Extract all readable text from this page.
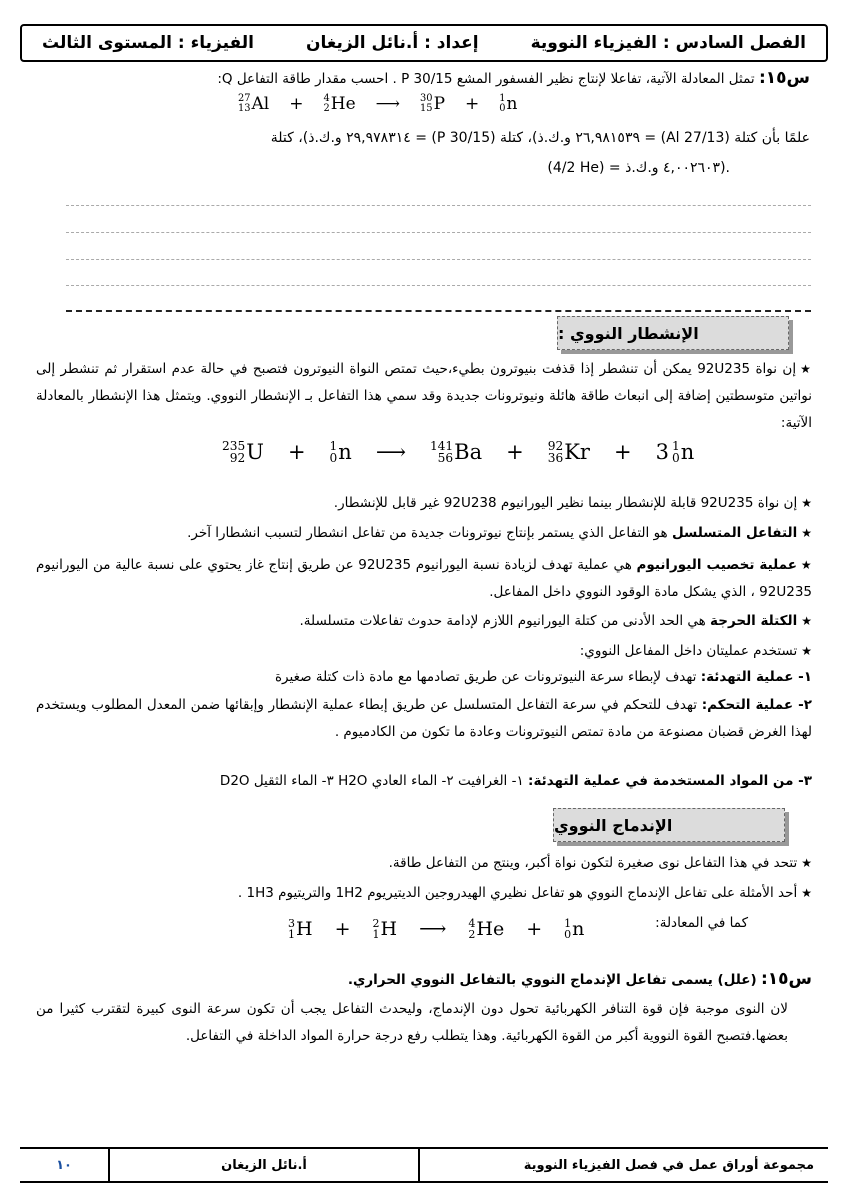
الفصل السادس : الفيزياء النووية
إعداد : أ.نائل الزيغان
الفيزياء : المستوى الثالث
س١٥: تمثل المعادلة الآتية، تفاعلا لإنتاج نظير الفسفور المشع P 30/15 . احسب مقدار طاقة التفاعل Q:
27
13 Al + 4
2 He ⟶ 30
15 P + 1
0 n
علمًا بأن كتلة (27/13 Al) = ٢٦,٩٨١٥٣٩ و.ك.ذ)، كتلة (30/15 P) = ٢٩,٩٧٨٣١٤ و.ك.ذ)، كتلة
(4/2 He) = ٤,٠٠٢٦٠٣ و.ك.ذ).
الإنشطار النووي :
★إن نواة 92U235 يمكن أن تنشطر إذا قذفت بنيوترون بطيء،حيث تمتص النواة النيوترون فتصبح في حالة عدم استقرار ثم تنشطر إلى نواتين متوسطتين إضافة إلى انبعاث طاقة هائلة ونيوترونات جديدة وقد سمي هذا التفاعل بـ الإنشطار النووي. ويتمثل هذا الإنشطار بالمعادلة الآتية:
235
92 U + 1
0 n ⟶ 141
56 Ba + 92
36 Kr + 3 1
0 n
★إن نواة 92U235 قابلة للإنشطار بينما نظير اليورانيوم 92U238 غير قابل للإنشطار.
★التفاعل المتسلسل هو التفاعل الذي يستمر بإنتاج نيوترونات جديدة من تفاعل انشطار لتسبب انشطارا آخر.
★عملية تخصيب اليورانيوم هي عملية تهدف لزيادة نسبة اليورانيوم 92U235 عن طريق إنتاج غاز يحتوي على نسبة عالية من اليورانيوم 92U235 ، الذي يشكل مادة الوقود النووي داخل المفاعل.
★الكتلة الحرجة هي الحد الأدنى من كتلة اليورانيوم اللازم لإدامة حدوث تفاعلات متسلسلة.
★تستخدم عمليتان داخل المفاعل النووي:
١- عملية التهدئة: تهدف لإبطاء سرعة النيوترونات عن طريق تصادمها مع مادة ذات كتلة صغيرة
٢- عملية التحكم: تهدف للتحكم في سرعة التفاعل المتسلسل عن طريق إبطاء عملية الإنشطار وإبقائها ضمن المعدل المطلوب ويستخدم لهذا الغرض قضبان مصنوعة من مادة تمتص النيوترونات وعادة ما تكون من الكادميوم .
٣- من المواد المستخدمة في عملية التهدئة: ١- الغرافيت ٢- الماء العادي H2O ٣- الماء الثقيل D2O
الإندماج النووي
★تتحد في هذا التفاعل نوى صغيرة لتكون نواة أكبر، وينتج من التفاعل طاقة.
★أحد الأمثلة على تفاعل الإندماج النووي هو تفاعل نظيري الهيدروجين الديتيريوم 1H2 والتريتيوم 1H3 .
كما في المعادلة:
3
1 H + 2
1 H ⟶ 4
2 He + 1
0 n
س١٥: (علل) يسمى تفاعل الإندماج النووي بالتفاعل النووي الحراري.
لان النوى موجبة فإن قوة التنافر الكهربائية تحول دون الإندماج، وليحدث التفاعل يجب أن تكون سرعة النوى كبيرة لتقترب كثيرا من بعضها.فتصبح القوة النووية أكبر من القوة الكهربائية. وهذا يتطلب رفع درجة حرارة المواد الداخلة في التفاعل.
مجموعة أوراق عمل في فصل الفيزياء النووية
أ.نائل الزيغان
١٠
